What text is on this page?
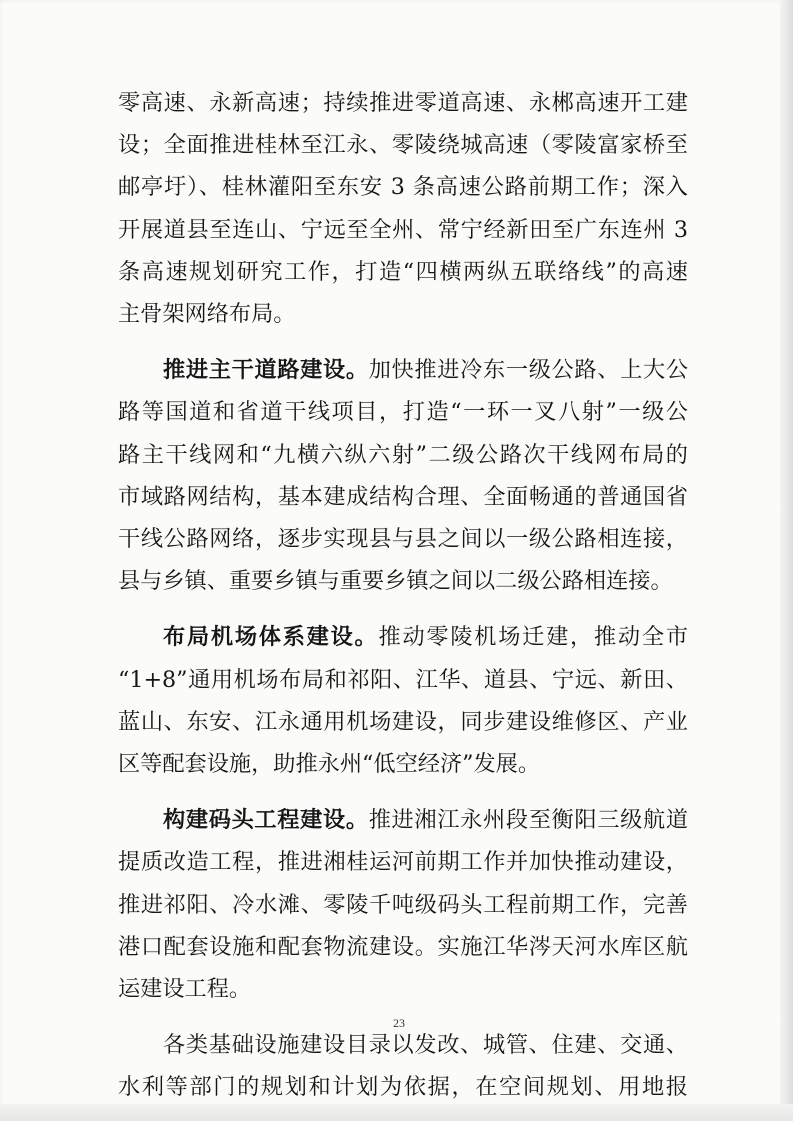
零高速、永新高速；持续推进零道高速、永郴高速开工建
设；全面推进桂林至江永、零陵绕城高速（零陵富家桥至
邮亭圩）、桂林灌阳至东安 3 条高速公路前期工作；深入
开展道县至连山、宁远至全州、常宁经新田至广东连州 3
条高速规划研究工作，打造“四横两纵五联络线”的高速
主骨架网络布局。
推进主干道路建设。加快推进冷东一级公路、上大公
路等国道和省道干线项目，打造“一环一叉八射”一级公
路主干线网和“九横六纵六射”二级公路次干线网布局的
市域路网结构，基本建成结构合理、全面畅通的普通国省
干线公路网络，逐步实现县与县之间以一级公路相连接，
县与乡镇、重要乡镇与重要乡镇之间以二级公路相连接。
布局机场体系建设。推动零陵机场迁建，推动全市
“1+8”通用机场布局和祁阳、江华、道县、宁远、新田、
蓝山、东安、江永通用机场建设，同步建设维修区、产业
区等配套设施，助推永州“低空经济”发展。
构建码头工程建设。推进湘江永州段至衡阳三级航道
提质改造工程，推进湘桂运河前期工作并加快推动建设，
推进祁阳、冷水滩、零陵千吨级码头工程前期工作，完善
港口配套设施和配套物流建设。实施江华涔天河水库区航
运建设工程。
各类基础设施建设目录以发改、城管、住建、交通、
水利等部门的规划和计划为依据，在空间规划、用地报
23
